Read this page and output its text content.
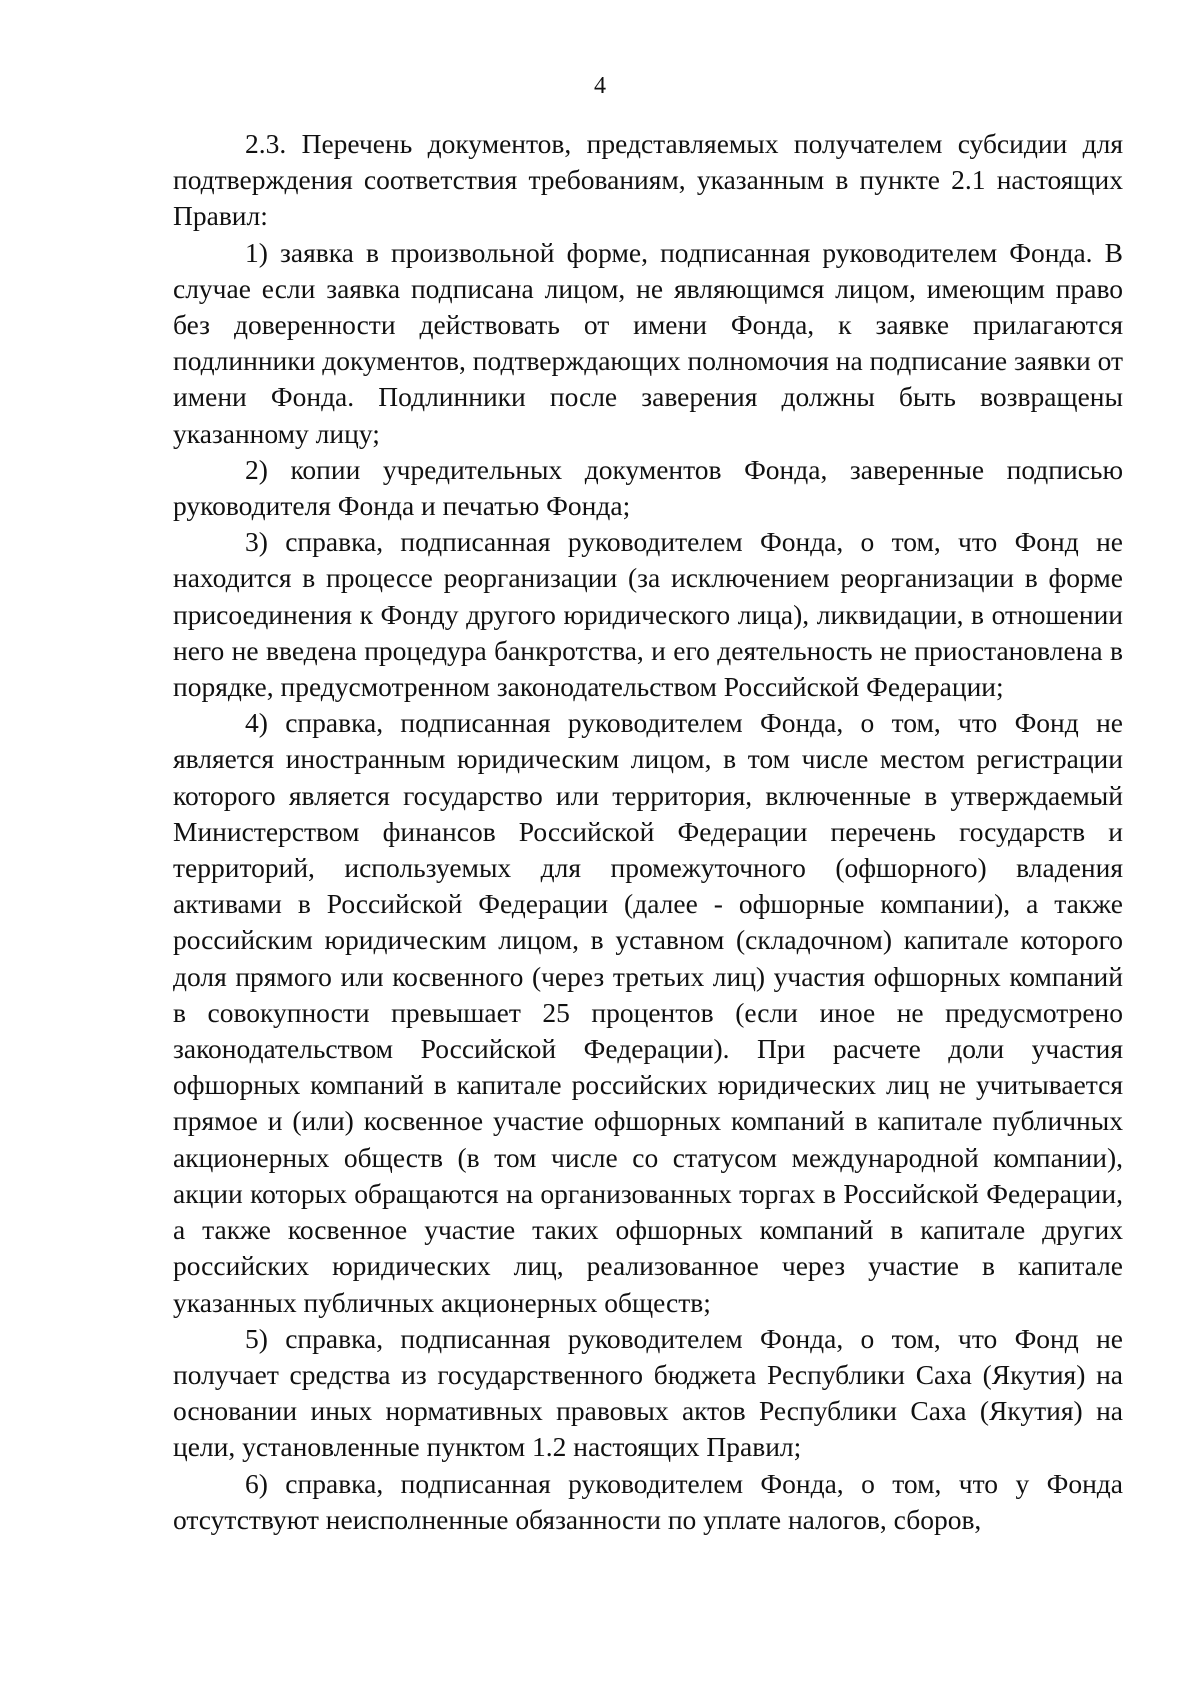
4

2.3. Перечень документов, представляемых получателем субсидии для подтверждения соответствия требованиям, указанным в пункте 2.1 настоящих Правил:

1) заявка в произвольной форме, подписанная руководителем Фонда. В случае если заявка подписана лицом, не являющимся лицом, имеющим право без доверенности действовать от имени Фонда, к заявке прилагаются подлинники документов, подтверждающих полномочия на подписание заявки от имени Фонда. Подлинники после заверения должны быть возвращены указанному лицу;

2) копии учредительных документов Фонда, заверенные подписью руководителя Фонда и печатью Фонда;

3) справка, подписанная руководителем Фонда, о том, что Фонд не находится в процессе реорганизации (за исключением реорганизации в форме присоединения к Фонду другого юридического лица), ликвидации, в отношении него не введена процедура банкротства, и его деятельность не приостановлена в порядке, предусмотренном законодательством Российской Федерации;

4) справка, подписанная руководителем Фонда, о том, что Фонд не является иностранным юридическим лицом, в том числе местом регистрации которого является государство или территория, включенные в утверждаемый Министерством финансов Российской Федерации перечень государств и территорий, используемых для промежуточного (офшорного) владения активами в Российской Федерации (далее - офшорные компании), а также российским юридическим лицом, в уставном (складочном) капитале которого доля прямого или косвенного (через третьих лиц) участия офшорных компаний в совокупности превышает 25 процентов (если иное не предусмотрено законодательством Российской Федерации). При расчете доли участия офшорных компаний в капитале российских юридических лиц не учитывается прямое и (или) косвенное участие офшорных компаний в капитале публичных акционерных обществ (в том числе со статусом международной компании), акции которых обращаются на организованных торгах в Российской Федерации, а также косвенное участие таких офшорных компаний в капитале других российских юридических лиц, реализованное через участие в капитале указанных публичных акционерных обществ;

5) справка, подписанная руководителем Фонда, о том, что Фонд не получает средства из государственного бюджета Республики Саха (Якутия) на основании иных нормативных правовых актов Республики Саха (Якутия) на цели, установленные пунктом 1.2 настоящих Правил;

6) справка, подписанная руководителем Фонда, о том, что у Фонда отсутствуют неисполненные обязанности по уплате налогов, сборов,
